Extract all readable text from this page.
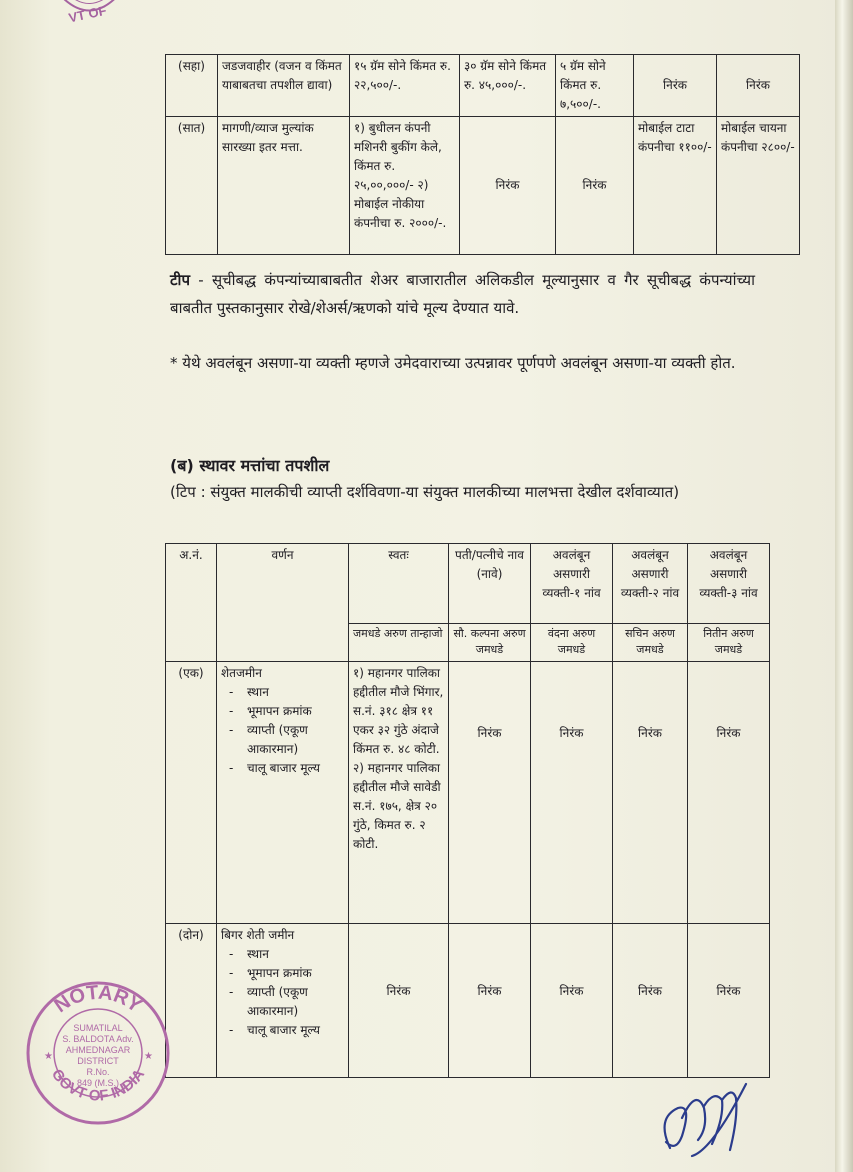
VT OF
(सहा)	जडजवाहीर (वजन व किंमत याबाबतचा तपशील द्यावा)	१५ ग्रॅम सोने किंमत रु. २२,५००/-.	३० ग्रॅम सोने किंमत रु. ४५,०००/-.	५ ग्रॅम सोने किंमत रु. ७,५००/-.	निरंक	निरंक
(सात)	मागणी/व्याज मुल्यांक सारख्या इतर मत्ता.	१) बुधीलन कंपनी मशिनरी बुकींग केले, किंमत रु. २५,००,०००/- २) मोबाईल नोकीया कंपनीचा रु. २०००/-.	निरंक	निरंक	मोबाईल टाटा कंपनीचा ११००/-	मोबाईल चायना कंपनीचा २८००/-
टीप - सूचीबद्ध कंपन्यांच्याबाबतीत शेअर बाजारातील अलिकडील मूल्यानुसार व गैर सूचीबद्ध कंपन्यांच्या बाबतीत पुस्तकानुसार रोखे/शेअर्स/ऋणको यांचे मूल्य देण्यात यावे.
* येथे अवलंबून असणा-या व्यक्ती म्हणजे उमेदवाराच्या उत्पन्नावर पूर्णपणे अवलंबून असणा-या व्यक्ती होत.
(ब) स्थावर मत्तांचा तपशील
(टिप : संयुक्त मालकीची व्याप्ती दर्शविवणा-या संयुक्त मालकीच्या मालभत्ता देखील दर्शवाव्यात)
अ.नं.	वर्णन	स्वतः	पती/पत्नीचे नाव (नावे)	अवलंबून असणारी व्यक्ती-१ नांव	अवलंबून असणारी व्यक्ती-२ नांव	अवलंबून असणारी व्यक्ती-३ नांव
		जमधडे अरुण तान्हाजो	सौ. कल्पना अरुण जमधडे	वंदना अरुण जमधडे	सचिन अरुण जमधडे	नितीन अरुण जमधडे
(एक)	शेतजमीन
- स्थान
- भूमापन क्रमांक
- व्याप्ती (एकूण आकारमान)
- चालू बाजार मूल्य	१) महानगर पालिका हद्दीतील मौजे भिंगार, स.नं. ३१८ क्षेत्र ११ एकर ३२ गुंठे अंदाजे किंमत रु. ४८ कोटी. २) महानगर पालिका हद्दीतील मौजे सावेडी स.नं. १७५, क्षेत्र २० गुंठे, किमत रु. २ कोटी.	निरंक	निरंक	निरंक	निरंक
(दोन)	बिगर शेती जमीन
- स्थान
- भूमापन क्रमांक
- व्याप्ती (एकूण आकारमान)
- चालू बाजार मूल्य	निरंक	निरंक	निरंक	निरंक	निरंक
NOTARY
GOVT OF INDIA
SUMATILAL
S. BALDOTA Adv.
AHMEDNAGAR
DISTRICT
R.No.
849 (M.S.)
★	★
